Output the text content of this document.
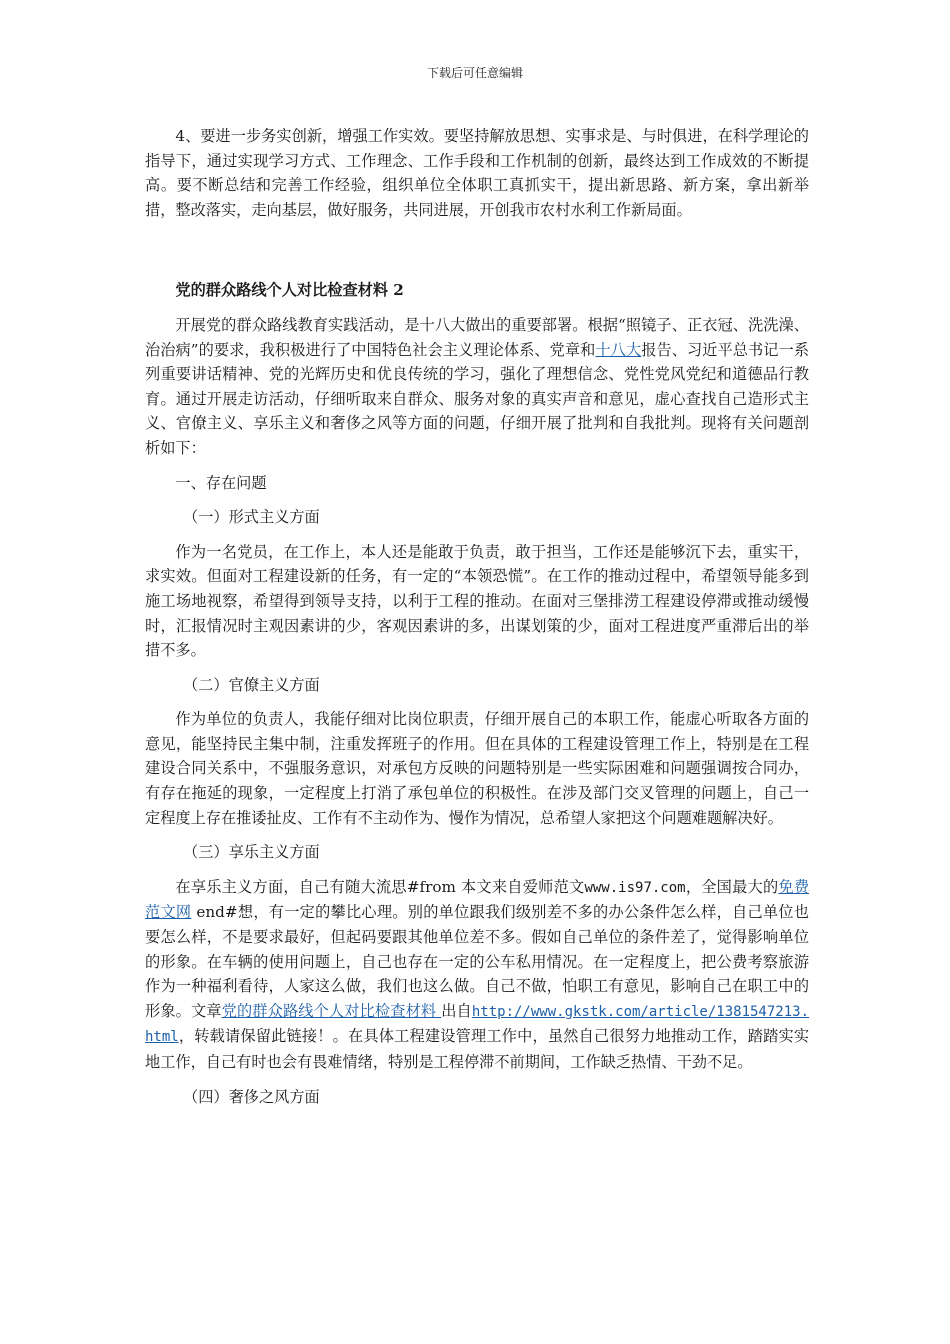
下载后可任意编辑

4、要进一步务实创新，增强工作实效。要坚持解放思想、实事求是、与时俱进，在科学理论的指导下，通过实现学习方式、工作理念、工作手段和工作机制的创新，最终达到工作成效的不断提高。要不断总结和完善工作经验，组织单位全体职工真抓实干，提出新思路、新方案，拿出新举措，整改落实，走向基层，做好服务，共同进展，开创我市农村水利工作新局面。

党的群众路线个人对比检查材料 2

开展党的群众路线教育实践活动，是十八大做出的重要部署。根据“照镜子、正衣冠、洗洗澡、治治病”的要求，我积极进行了中国特色社会主义理论体系、党章和十八大报告、习近平总书记一系列重要讲话精神、党的光辉历史和优良传统的学习，强化了理想信念、党性党风党纪和道德品行教育。通过开展走访活动，仔细听取来自群众、服务对象的真实声音和意见，虚心查找自己造形式主义、官僚主义、享乐主义和奢侈之风等方面的问题，仔细开展了批判和自我批判。现将有关问题剖析如下：

一、存在问题

（一）形式主义方面

作为一名党员，在工作上，本人还是能敢于负责，敢于担当，工作还是能够沉下去，重实干，求实效。但面对工程建设新的任务，有一定的“本领恐慌”。在工作的推动过程中，希望领导能多到施工场地视察，希望得到领导支持，以利于工程的推动。在面对三堡排涝工程建设停滞或推动缓慢时，汇报情况时主观因素讲的少，客观因素讲的多，出谋划策的少，面对工程进度严重滞后出的举措不多。

（二）官僚主义方面

作为单位的负责人，我能仔细对比岗位职责，仔细开展自己的本职工作，能虚心听取各方面的意见，能坚持民主集中制，注重发挥班子的作用。但在具体的工程建设管理工作上，特别是在工程建设合同关系中，不强服务意识，对承包方反映的问题特别是一些实际困难和问题强调按合同办，有存在拖延的现象，一定程度上打消了承包单位的积极性。在涉及部门交叉管理的问题上，自己一定程度上存在推诿扯皮、工作有不主动作为、慢作为情况，总希望人家把这个问题难题解决好。

（三）享乐主义方面

在享乐主义方面，自己有随大流思#from 本文来自爱师范文www.is97.com，全国最大的免费范文网 end#想，有一定的攀比心理。别的单位跟我们级别差不多的办公条件怎么样，自己单位也要怎么样，不是要求最好，但起码要跟其他单位差不多。假如自己单位的条件差了，觉得影响单位的形象。在车辆的使用问题上，自己也存在一定的公车私用情况。在一定程度上，把公费考察旅游作为一种福利看待，人家这么做，我们也这么做。自己不做，怕职工有意见，影响自己在职工中的形象。文章党的群众路线个人对比检查材料 出自http://www.gkstk.com/article/1381547213.html，转载请保留此链接！。在具体工程建设管理工作中，虽然自己很努力地推动工作，踏踏实实地工作，自己有时也会有畏难情绪，特别是工程停滞不前期间，工作缺乏热情、干劲不足。

（四）奢侈之风方面
